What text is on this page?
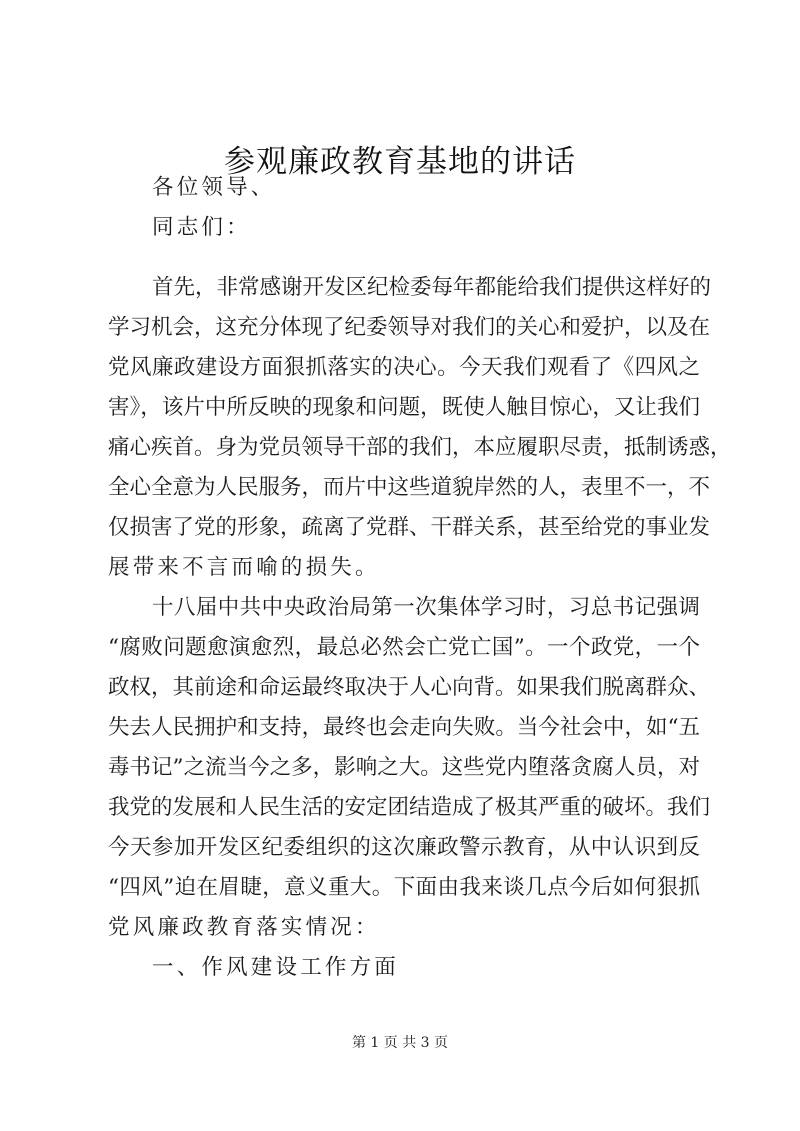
参观廉政教育基地的讲话
各位领导、
同志们：
首先，非常感谢开发区纪检委每年都能给我们提供这样好的
学习机会，这充分体现了纪委领导对我们的关心和爱护，以及在
党风廉政建设方面狠抓落实的决心。今天我们观看了《四风之
害》，该片中所反映的现象和问题，既使人触目惊心，又让我们
痛心疾首。身为党员领导干部的我们，本应履职尽责，抵制诱惑，
全心全意为人民服务，而片中这些道貌岸然的人，表里不一，不
仅损害了党的形象，疏离了党群、干群关系，甚至给党的事业发
展带来不言而喻的损失。
十八届中共中央政治局第一次集体学习时，习总书记强调
“腐败问题愈演愈烈，最总必然会亡党亡国”。一个政党，一个
政权，其前途和命运最终取决于人心向背。如果我们脱离群众、
失去人民拥护和支持，最终也会走向失败。当今社会中，如“五
毒书记”之流当今之多，影响之大。这些党内堕落贪腐人员，对
我党的发展和人民生活的安定团结造成了极其严重的破坏。我们
今天参加开发区纪委组织的这次廉政警示教育，从中认识到反
“四风”迫在眉睫，意义重大。下面由我来谈几点今后如何狠抓
党风廉政教育落实情况：
一、作风建设工作方面
第 1 页 共 3 页
